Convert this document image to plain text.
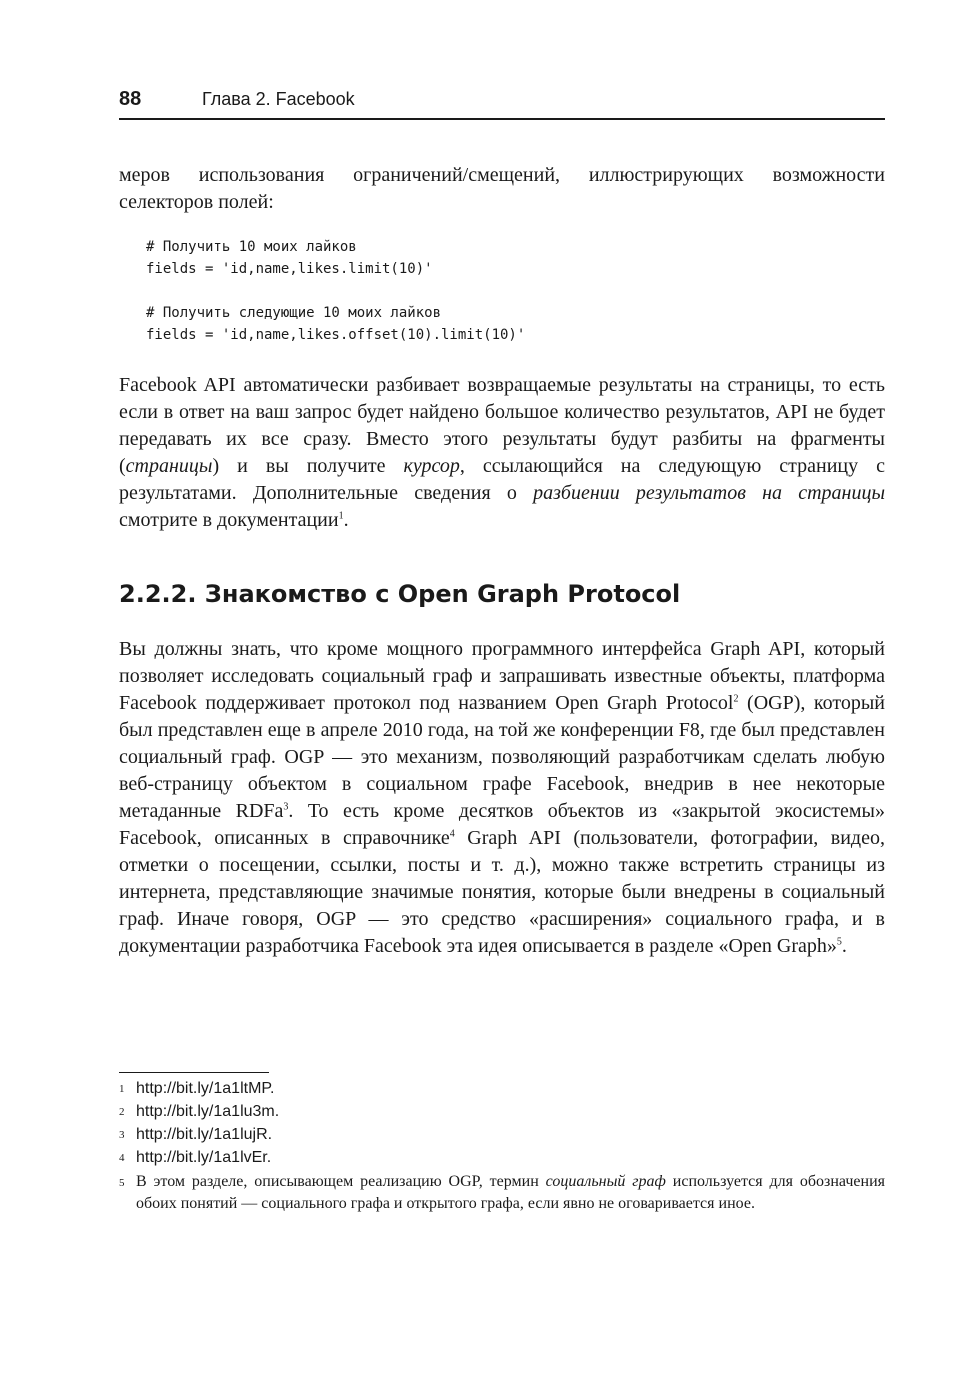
88	Глава 2. Facebook

меров использования ограничений/смещений, иллюстрирующих возможности селекторов полей:

# Получить 10 моих лайков
fields = 'id,name,likes.limit(10)'
# Получить следующие 10 моих лайков
fields = 'id,name,likes.offset(10).limit(10)'

Facebook API автоматически разбивает возвращаемые результаты на страницы, то есть если в ответ на ваш запрос будет найдено большое количество результатов, API не будет передавать их все сразу. Вместо этого результаты будут разбиты на фрагменты (страницы) и вы получите курсор, ссылающийся на следующую страницу с результатами. Дополнительные сведения о разбиении результатов на страницы смотрите в документации$^1$.

2.2.2. Знакомство с Open Graph Protocol

Вы должны знать, что кроме мощного программного интерфейса Graph API, который позволяет исследовать социальный граф и запрашивать известные объекты, платформа Facebook поддерживает протокол под названием Open Graph Protocol$^2$ (OGP), который был представлен еще в апреле 2010 года, на той же конференции F8, где был представлен социальный граф. OGP — это механизм, позволяющий разработчикам сделать любую веб-страницу объектом в социальном графе Facebook, внедрив в нее некоторые метаданные RDFa$^3$. То есть кроме десятков объектов из «закрытой экосистемы» Facebook, описанных в справочнике$^4$ Graph API (пользователи, фотографии, видео, отметки о посещении, ссылки, посты и т. д.), можно также встретить страницы из интернета, представляющие значимые понятия, которые были внедрены в социальный граф. Иначе говоря, OGP — это средство «расширения» социального графа, и в документации разработчика Facebook эта идея описывается в разделе «Open Graph»$^5$.

1 http://bit.ly/1a1ltMP.
2 http://bit.ly/1a1lu3m.
3 http://bit.ly/1a1lujR.
4 http://bit.ly/1a1lvEr.
5 В этом разделе, описывающем реализацию OGP, термин социальный граф используется для обозначения обоих понятий — социального графа и открытого графа, если явно не оговаривается иное.
